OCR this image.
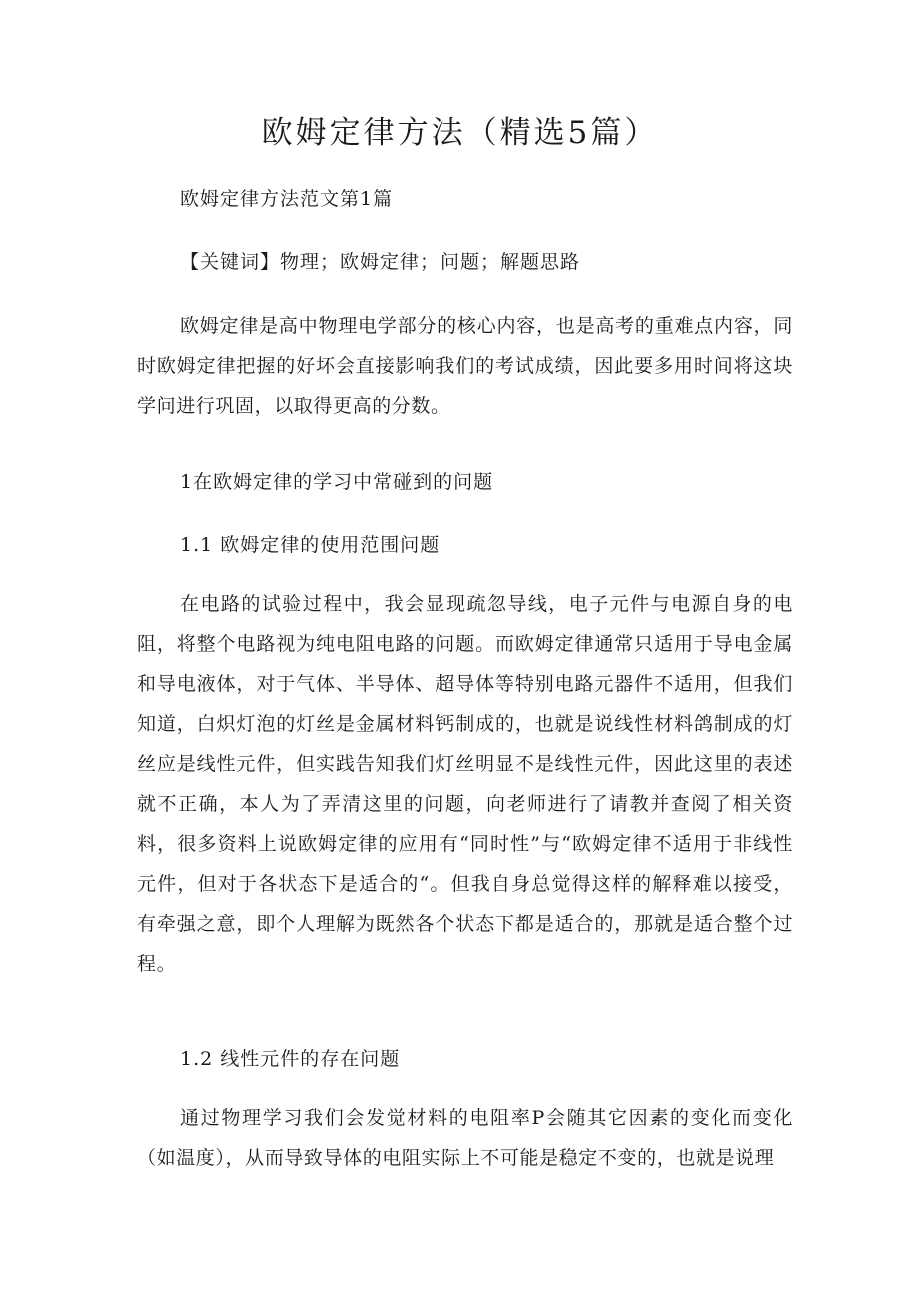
欧姆定律方法（精选5篇）
欧姆定律方法范文第1篇
【关键词】物理；欧姆定律；问题；解题思路
欧姆定律是高中物理电学部分的核心内容，也是高考的重难点内容，同时欧姆定律把握的好坏会直接影响我们的考试成绩，因此要多用时间将这块学问进行巩固，以取得更高的分数。
1在欧姆定律的学习中常碰到的问题
1.1 欧姆定律的使用范围问题
在电路的试验过程中，我会显现疏忽导线，电子元件与电源自身的电阻，将整个电路视为纯电阻电路的问题。而欧姆定律通常只适用于导电金属和导电液体，对于气体、半导体、超导体等特别电路元器件不适用，但我们知道，白炽灯泡的灯丝是金属材料钙制成的，也就是说线性材料鸽制成的灯丝应是线性元件，但实践告知我们灯丝明显不是线性元件，因此这里的表述就不正确，本人为了弄清这里的问题，向老师进行了请教并查阅了相关资料，很多资料上说欧姆定律的应用有“同时性”与“欧姆定律不适用于非线性元件，但对于各状态下是适合的“。但我自身总觉得这样的解释难以接受，有牵强之意，即个人理解为既然各个状态下都是适合的，那就是适合整个过程。
1.2 线性元件的存在问题
通过物理学习我们会发觉材料的电阻率P会随其它因素的变化而变化（如温度），从而导致导体的电阻实际上不可能是稳定不变的，也就是说理
